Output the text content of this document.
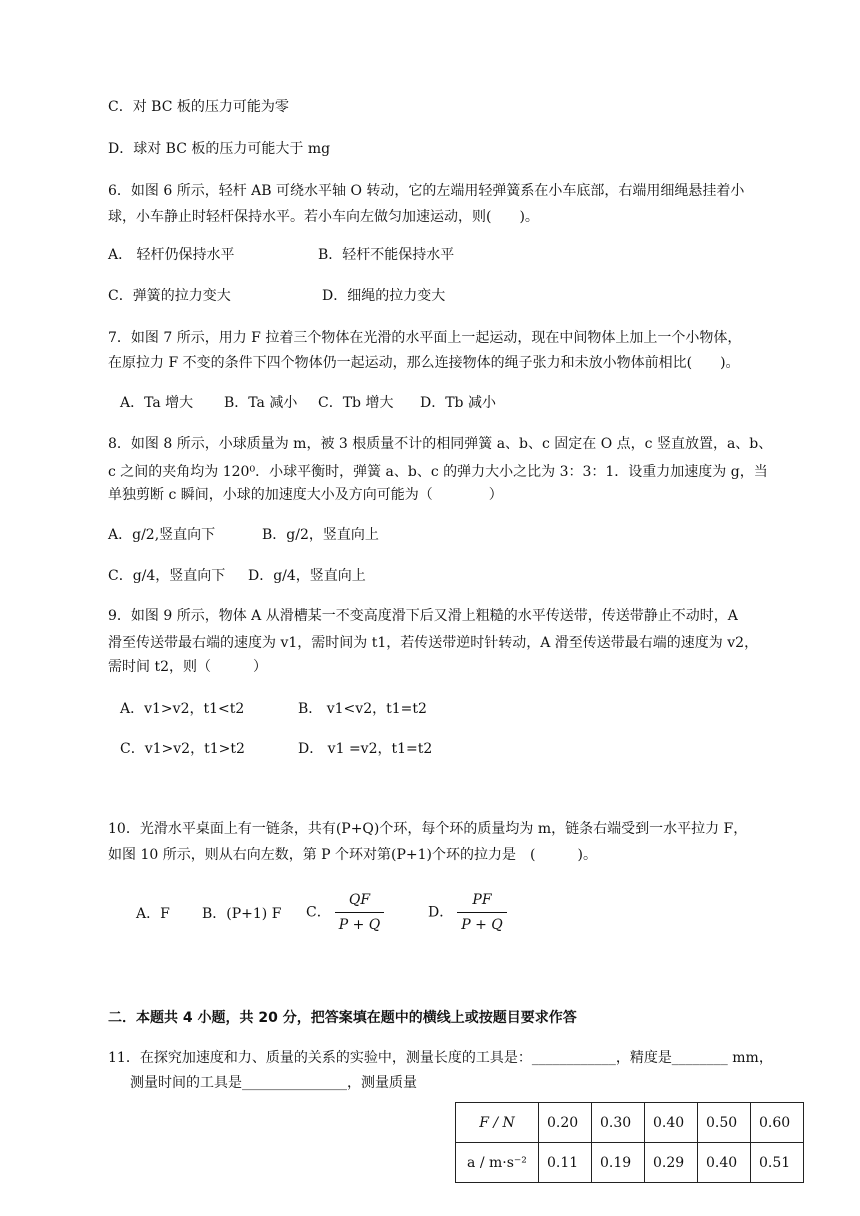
C．对 BC 板的压力可能为零
D．球对 BC 板的压力可能大于 mg
6．如图 6 所示，轻杆 AB 可绕水平轴 O 转动，它的左端用轻弹簧系在小车底部，右端用细绳悬挂着小
球，小车静止时轻杆保持水平。若小车向左做匀加速运动，则(　　)。
A． 轻杆仍保持水平	B．轻杆不能保持水平
C．弹簧的拉力变大	D．细绳的拉力变大
7．如图 7 所示，用力 F 拉着三个物体在光滑的水平面上一起运动，现在中间物体上加上一个小物体，
在原拉力 F 不变的条件下四个物体仍一起运动，那么连接物体的绳子张力和未放小物体前相比(　　)。
A．Ta 增大 B．Ta 减小 C．Tb 增大 D．Tb 减小
8．如图 8 所示，小球质量为 m，被 3 根质量不计的相同弹簧 a、b、c 固定在 O 点，c 竖直放置，a、b、
c 之间的夹角均为 120⁰．小球平衡时，弹簧 a、b、c 的弹力大小之比为 3：3：1．设重力加速度为 g，当
单独剪断 c 瞬间，小球的加速度大小及方向可能为（　　　　）
A．g/2,竖直向下	B．g/2，竖直向上
C．g/4，竖直向下 D．g/4，竖直向上
9．如图 9 所示，物体 A 从滑槽某一不变高度滑下后又滑上粗糙的水平传送带，传送带静止不动时，A
滑至传送带最右端的速度为 v1，需时间为 t1，若传送带逆时针转动，A 滑至传送带最右端的速度为 v2，
需时间 t2，则（　　　）
A．v1>v2，t1<t2	B． v1<v2，t1=t2
C．v1>v2，t1>t2	D． v1 =v2，t1=t2
10．光滑水平桌面上有一链条，共有(P+Q)个环，每个环的质量均为 m，链条右端受到一水平拉力 F，
如图 10 所示，则从右向左数，第 P 个环对第(P+1)个环的拉力是　(　　　)。
A．F B．(P+1) F C． $\frac{QF}{P + Q}$	D． $\frac{PF}{P + Q}$
二．本题共 4 小题，共 20 分，把答案填在题中的横线上或按题目要求作答
11．在探究加速度和力、质量的关系的实验中，测量长度的工具是：____________，精度是________ mm，
测量时间的工具是_______________，测量质量
F / N	0.20	0.30	0.40	0.50	0.60
a / m·s⁻²	0.11	0.19	0.29	0.40	0.51
